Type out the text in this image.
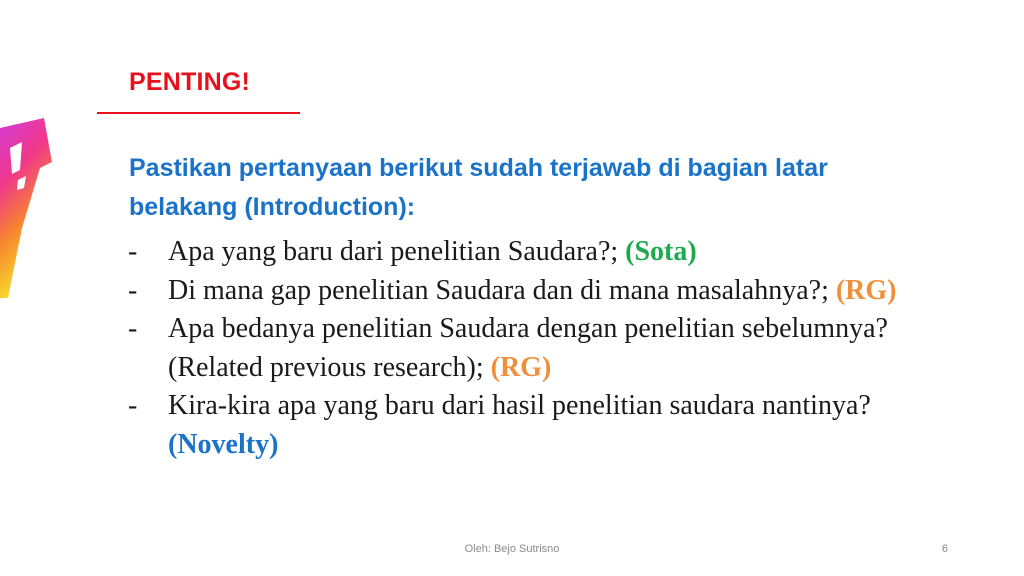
PENTING!
Pastikan pertanyaan berikut sudah terjawab di bagian latar belakang (Introduction):
- Apa yang baru dari penelitian Saudara?; (Sota)
- Di mana gap penelitian Saudara dan di mana masalahnya?; (RG)
- Apa bedanya penelitian Saudara dengan penelitian sebelumnya? (Related previous research); (RG)
- Kira-kira apa yang baru dari hasil penelitian saudara nantinya? (Novelty)
Oleh: Bejo Sutrisno	6
